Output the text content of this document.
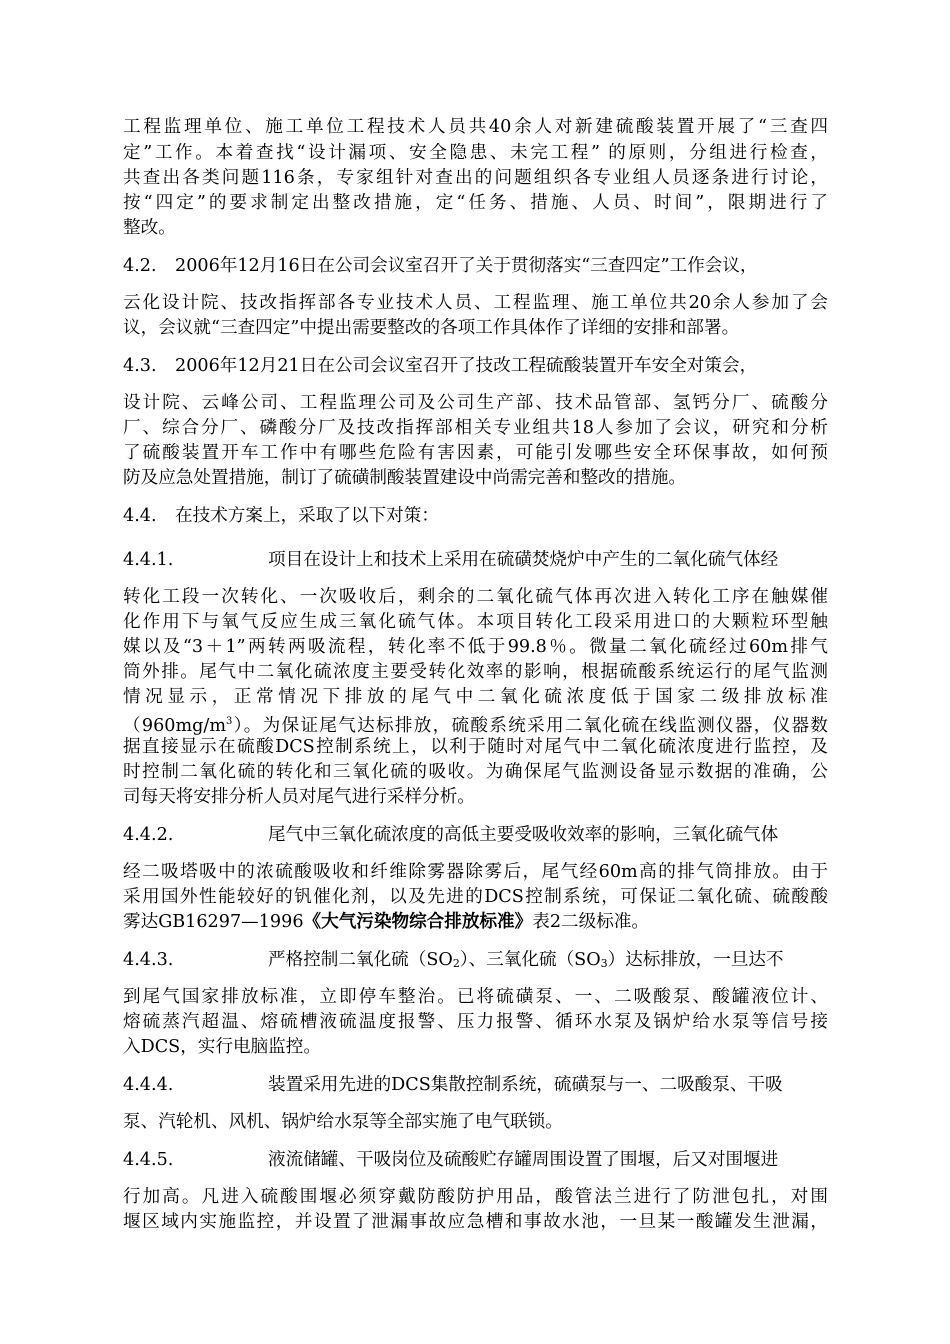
工程监理单位、施工单位工程技术人员共40余人对新建硫酸装置开展了“三查四
定”工作。本着查找“设计漏项、安全隐患、未完工程” 的原则，分组进行检查，
共查出各类问题116条，专家组针对查出的问题组织各专业组人员逐条进行讨论，
按“四定”的要求制定出整改措施，定“任务、措施、人员、时间”，限期进行了
整改。
4.2. 2006年12月16日在公司会议室召开了关于贯彻落实“三查四定”工作会议，
云化设计院、技改指挥部各专业技术人员、工程监理、施工单位共20余人参加了会
议，会议就“三查四定”中提出需要整改的各项工作具体作了详细的安排和部署。
4.3. 2006年12月21日在公司会议室召开了技改工程硫酸装置开车安全对策会，
设计院、云峰公司、工程监理公司及公司生产部、技术品管部、氢钙分厂、硫酸分
厂、综合分厂、磷酸分厂及技改指挥部相关专业组共18人参加了会议，研究和分析
了硫酸装置开车工作中有哪些危险有害因素，可能引发哪些安全环保事故，如何预
防及应急处置措施，制订了硫磺制酸装置建设中尚需完善和整改的措施。
4.4. 在技术方案上，采取了以下对策：
4.4.1.	项目在设计上和技术上采用在硫磺焚烧炉中产生的二氧化硫气体经
转化工段一次转化、一次吸收后，剩余的二氧化硫气体再次进入转化工序在触媒催
化作用下与氧气反应生成三氧化硫气体。本项目转化工段采用进口的大颗粒环型触
媒以及“3＋1”两转两吸流程，转化率不低于99.8％。微量二氧化硫经过60m排气
筒外排。尾气中二氧化硫浓度主要受转化效率的影响，根据硫酸系统运行的尾气监测
情况显示，正常情况下排放的尾气中二氧化硫浓度低于国家二级排放标准
$(960mg/m^3)$。为保证尾气达标排放，硫酸系统采用二氧化硫在线监测仪器，仪器数
据直接显示在硫酸DCS控制系统上，以利于随时对尾气中二氧化硫浓度进行监控，及
时控制二氧化硫的转化和三氧化硫的吸收。为确保尾气监测设备显示数据的准确，公
司每天将安排分析人员对尾气进行采样分析。
4.4.2.	尾气中三氧化硫浓度的高低主要受吸收效率的影响，三氧化硫气体
经二吸塔吸中的浓硫酸吸收和纤维除雾器除雾后，尾气经60m高的排气筒排放。由于
采用国外性能较好的钒催化剂，以及先进的DCS控制系统，可保证二氧化硫、硫酸酸
雾达GB16297—1996《大气污染物综合排放标准》表2二级标准。
4.4.3.	严格控制二氧化硫$(SO_2)$、三氧化硫$(SO_3)$达标排放，一旦达不
到尾气国家排放标准，立即停车整治。已将硫磺泵、一、二吸酸泵、酸罐液位计、
熔硫蒸汽超温、熔硫槽液硫温度报警、压力报警、循环水泵及锅炉给水泵等信号接
入DCS，实行电脑监控。
4.4.4.	装置采用先进的DCS集散控制系统，硫磺泵与一、二吸酸泵、干吸
泵、汽轮机、风机、锅炉给水泵等全部实施了电气联锁。
4.4.5.	液流储罐、干吸岗位及硫酸贮存罐周围设置了围堰，后又对围堰进
行加高。凡进入硫酸围堰必须穿戴防酸防护用品，酸管法兰进行了防泄包扎，对围
堰区域内实施监控，并设置了泄漏事故应急槽和事故水池，一旦某一酸罐发生泄漏，
